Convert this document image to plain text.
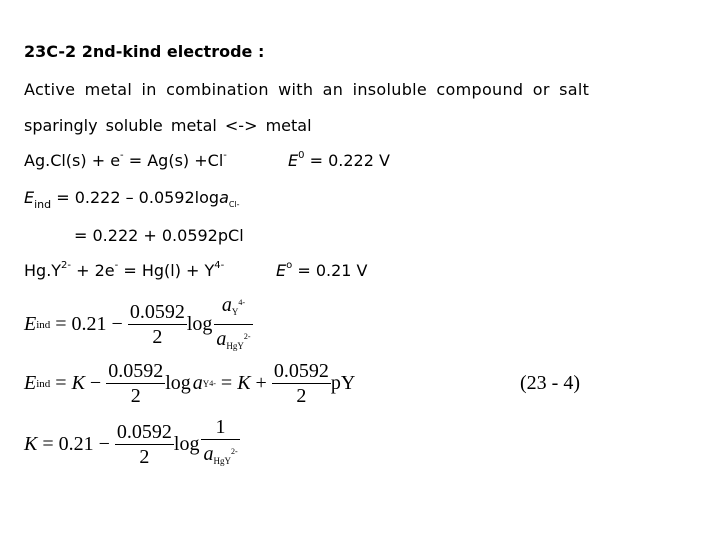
23C-2 2nd-kind electrode :
Active metal in combination with an insoluble compound or salt
sparingly soluble metal <-> metal
Ag.Cl(s) + e- = Ag(s) +Cl-	$E^0 = 0.222$ V
$E_{ind} = 0.222 - 0.0592\log a_{Cl-}$
= 0.222 + 0.0592pCl
$Hg.Y^{2-} + 2e^- = Hg(l) + Y^{4-}$	$E^o = 0.21$ V
E ind = $0.21 - \frac{0.0592}{2}$ $\log \frac{a_Y^{4-}}{a_{HgY}^{2-}}$
E ind = $K - \frac{0.0592}{2}$ log a Y $4- = K + \frac{0.0592}{2}$ pY	(23 - 4)
$K = 0.21 - \frac{0.0592}{2}$ $\log \frac{1}{a_{HgY}^{2-}}$
